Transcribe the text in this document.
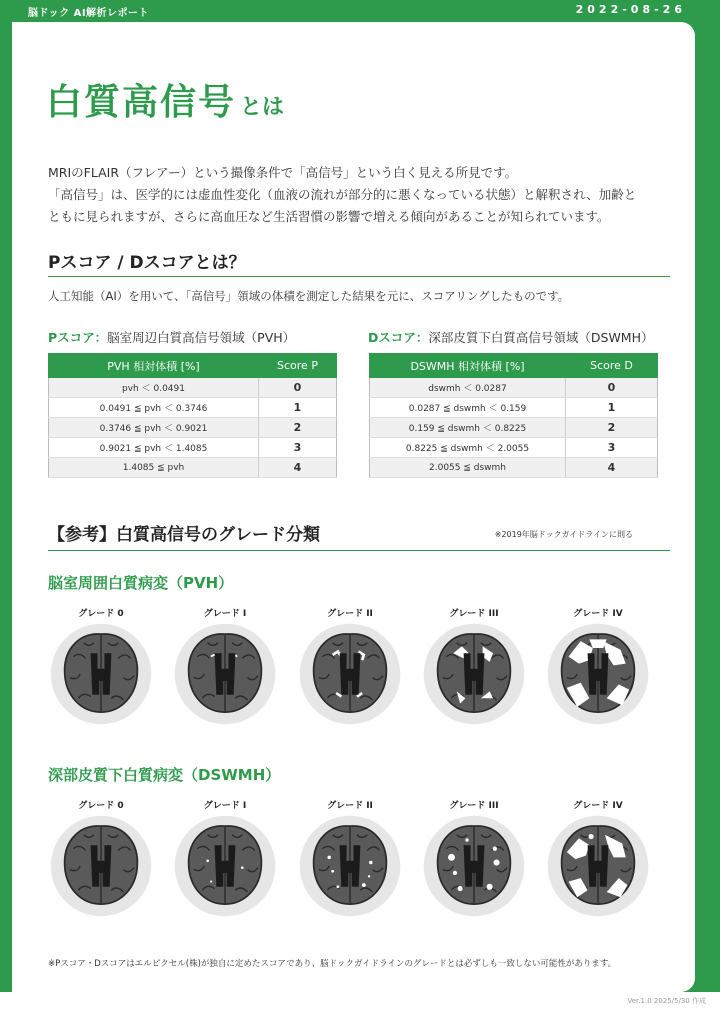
脳ドック AI解析レポート	2022-08-26
白質高信号 とは
MRIのFLAIR（フレアー）という撮像条件で「高信号」という白く見える所見です。
「高信号」は、医学的には虚血性変化（血液の流れが部分的に悪くなっている状態）と解釈され、加齢と
ともに見られますが、さらに高血圧など生活習慣の影響で増える傾向があることが知られています。
Pスコア / Dスコアとは？
人工知能（AI）を用いて、「高信号」領域の体積を測定した結果を元に、スコアリングしたものです。
Pスコア：脳室周辺白質高信号領域（PVH）	Dスコア：深部皮質下白質高信号領域（DSWMH）
PVH 相対体積 [%]	Score P
pvh ＜ 0.0491	0
0.0491 ≦ pvh ＜ 0.3746	1
0.3746 ≦ pvh ＜ 0.9021	2
0.9021 ≦ pvh ＜ 1.4085	3
1.4085 ≦ pvh	4
DSWMH 相対体積 [%]	Score D
dswmh ＜ 0.0287	0
0.0287 ≦ dswmh ＜ 0.159	1
0.159 ≦ dswmh ＜ 0.8225	2
0.8225 ≦ dswmh ＜ 2.0055	3
2.0055 ≦ dswmh	4
【参考】白質高信号のグレード分類	※2019年脳ドックガイドラインに則る
脳室周囲白質病変（PVH）
グレード 0	グレード I	グレード II	グレード III	グレード IV
深部皮質下白質病変（DSWMH）
グレード 0	グレード I	グレード II	グレード III	グレード IV
※Pスコア・Dスコアはエルピクセル(株)が独自に定めたスコアであり、脳ドックガイドラインのグレードとは必ずしも一致しない可能性があります。
Ver.1.0 2025/5/30 作成
